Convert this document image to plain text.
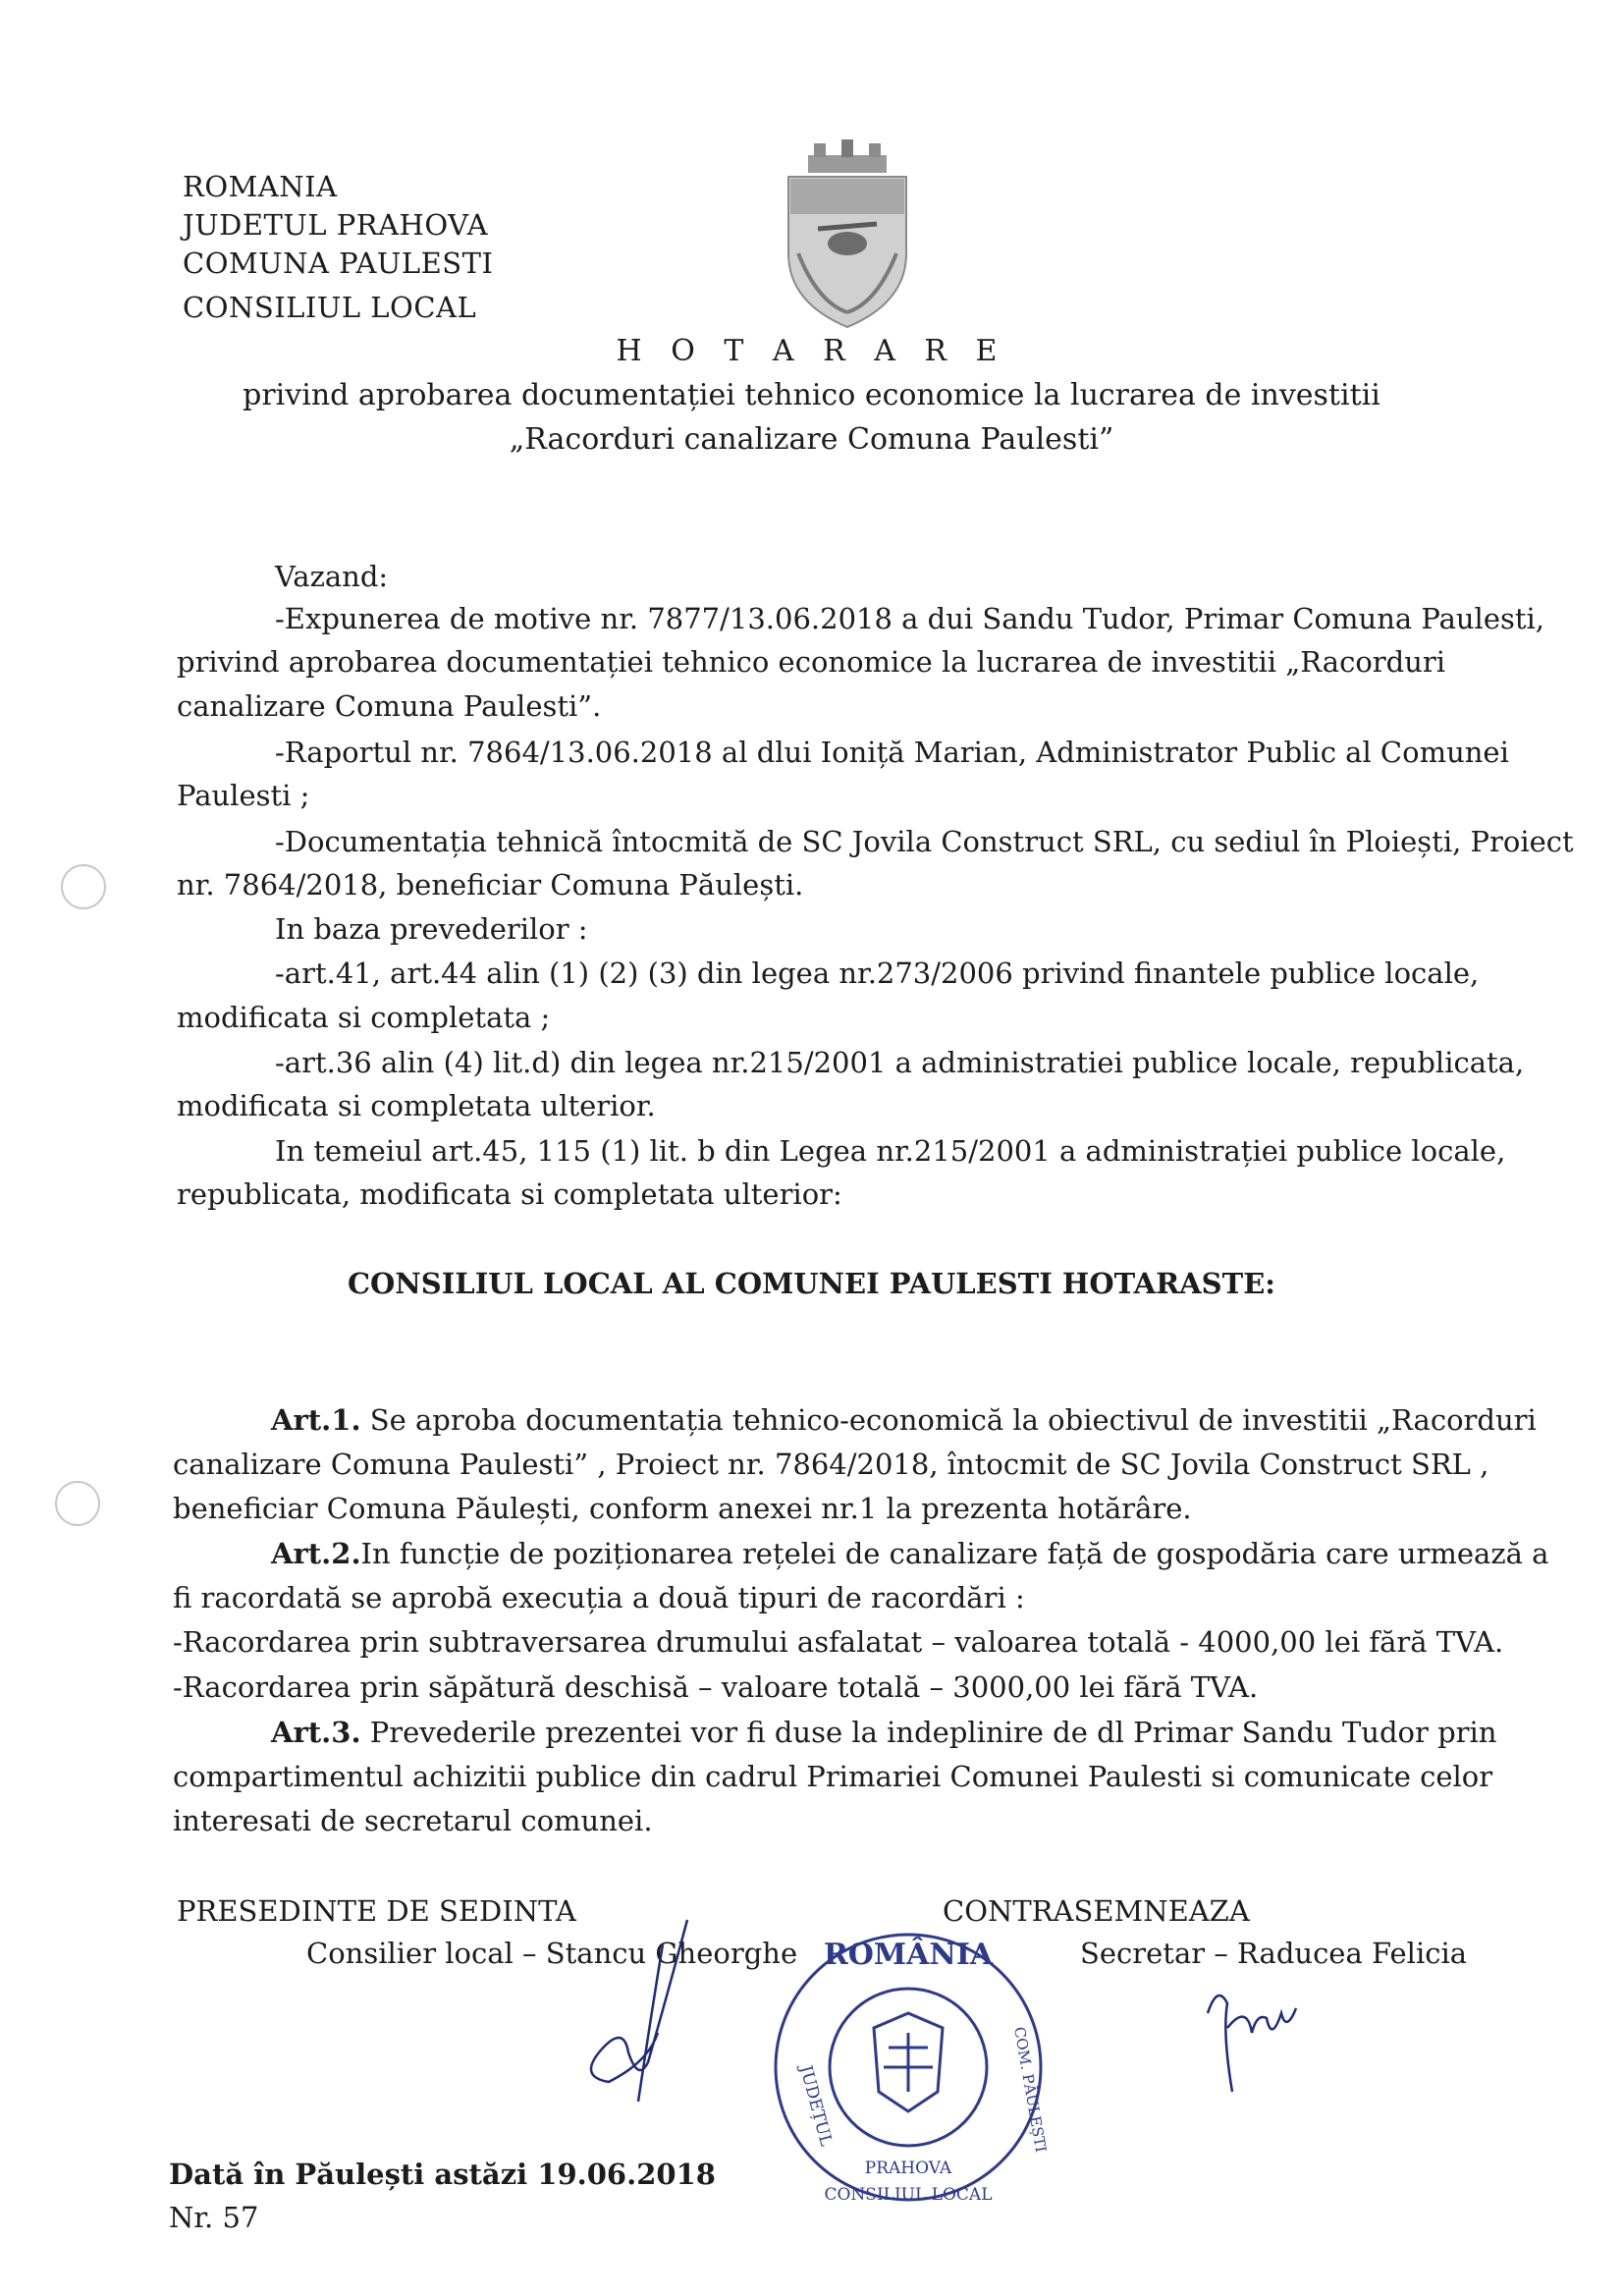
ROMANIA
JUDETUL PRAHOVA
COMUNA PAULESTI
CONSILIUL LOCAL
H O T A R A R E
privind aprobarea documentației tehnico economice la lucrarea de investitii
„Racorduri canalizare Comuna Paulesti”
Vazand:
-Expunerea de motive nr. 7877/13.06.2018 a dui Sandu Tudor, Primar Comuna Paulesti,
privind aprobarea documentației tehnico economice la lucrarea de investitii „Racorduri
canalizare Comuna Paulesti”.
-Raportul nr. 7864/13.06.2018 al dlui Ioniță Marian, Administrator Public al Comunei
Paulesti ;
-Documentația tehnică întocmită de SC Jovila Construct SRL, cu sediul în Ploiești, Proiect
nr. 7864/2018, beneficiar Comuna Păulești.
In baza prevederilor :
-art.41, art.44 alin (1) (2) (3) din legea nr.273/2006 privind finantele publice locale,
modificata si completata ;
-art.36 alin (4) lit.d) din legea nr.215/2001 a administratiei publice locale, republicata,
modificata si completata ulterior.
In temeiul art.45, 115 (1) lit. b din Legea nr.215/2001 a administrației publice locale,
republicata, modificata si completata ulterior:
CONSILIUL LOCAL AL COMUNEI PAULESTI HOTARASTE:
Art.1. Se aproba documentația tehnico-economică la obiectivul de investitii „Racorduri
canalizare Comuna Paulesti” , Proiect nr. 7864/2018, întocmit de SC Jovila Construct SRL ,
beneficiar Comuna Păulești, conform anexei nr.1 la prezenta hotărâre.
Art.2.In funcție de poziționarea rețelei de canalizare față de gospodăria care urmează a
fi racordată se aprobă execuția a două tipuri de racordări :
-Racordarea prin subtraversarea drumului asfalatat – valoarea totală - 4000,00 lei fără TVA.
-Racordarea prin săpătură deschisă – valoare totală – 3000,00 lei fără TVA.
Art.3. Prevederile prezentei vor fi duse la indeplinire de dl Primar Sandu Tudor prin
compartimentul achizitii publice din cadrul Primariei Comunei Paulesti si comunicate celor
interesati de secretarul comunei.
PRESEDINTE DE SEDINTA
Consilier local – Stancu Gheorghe
CONTRASEMNEAZA
Secretar – Raducea Felicia
ROMÂNIA
JUDEȚUL
PRAHOVA
COM. PĂULEȘTI
CONSILIUL LOCAL
Dată în Păulești astăzi 19.06.2018
Nr. 57
